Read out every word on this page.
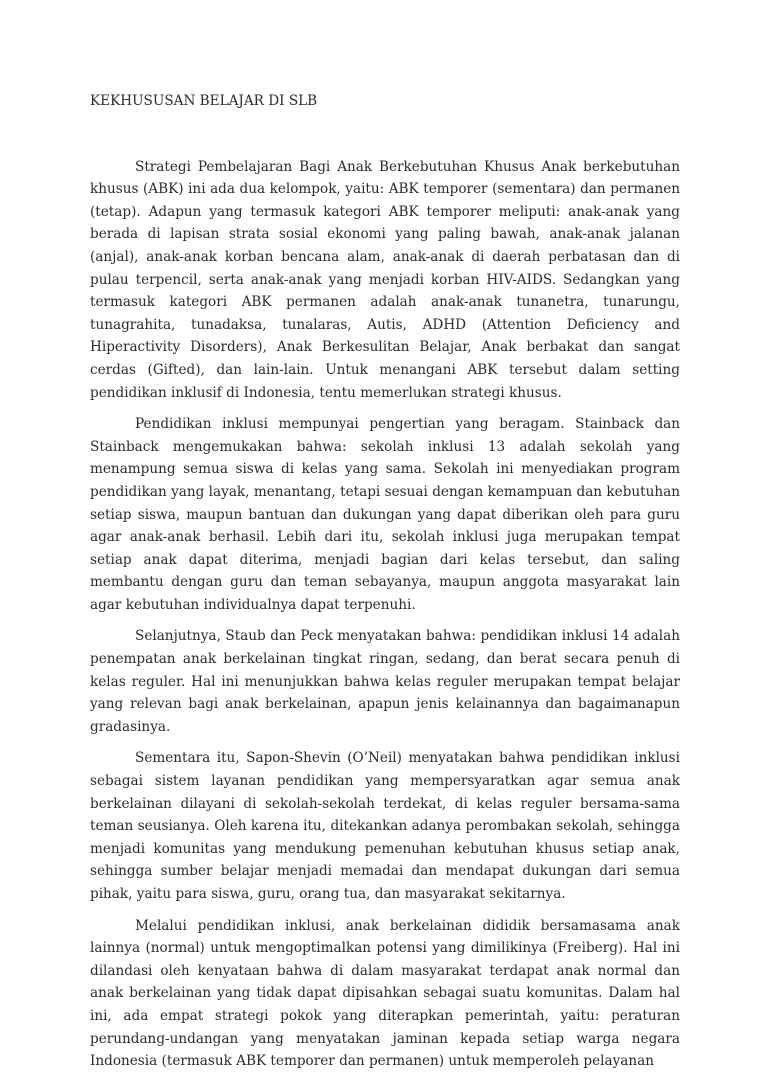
KEKHUSUSAN BELAJAR DI SLB

Strategi Pembelajaran Bagi Anak Berkebutuhan Khusus Anak berkebutuhan khusus (ABK) ini ada dua kelompok, yaitu: ABK temporer (sementara) dan permanen (tetap). Adapun yang termasuk kategori ABK temporer meliputi: anak-anak yang berada di lapisan strata sosial ekonomi yang paling bawah, anak-anak jalanan (anjal), anak-anak korban bencana alam, anak-anak di daerah perbatasan dan di pulau terpencil, serta anak-anak yang menjadi korban HIV-AIDS. Sedangkan yang termasuk kategori ABK permanen adalah anak-anak tunanetra, tunarungu, tunagrahita, tunadaksa, tunalaras, Autis, ADHD (Attention Deficiency and Hiperactivity Disorders), Anak Berkesulitan Belajar, Anak berbakat dan sangat cerdas (Gifted), dan lain-lain. Untuk menangani ABK tersebut dalam setting pendidikan inklusif di Indonesia, tentu memerlukan strategi khusus.

Pendidikan inklusi mempunyai pengertian yang beragam. Stainback dan Stainback mengemukakan bahwa: sekolah inklusi 13 adalah sekolah yang menampung semua siswa di kelas yang sama. Sekolah ini menyediakan program pendidikan yang layak, menantang, tetapi sesuai dengan kemampuan dan kebutuhan setiap siswa, maupun bantuan dan dukungan yang dapat diberikan oleh para guru agar anak-anak berhasil. Lebih dari itu, sekolah inklusi juga merupakan tempat setiap anak dapat diterima, menjadi bagian dari kelas tersebut, dan saling membantu dengan guru dan teman sebayanya, maupun anggota masyarakat lain agar kebutuhan individualnya dapat terpenuhi.

Selanjutnya, Staub dan Peck menyatakan bahwa: pendidikan inklusi 14 adalah penempatan anak berkelainan tingkat ringan, sedang, dan berat secara penuh di kelas reguler. Hal ini menunjukkan bahwa kelas reguler merupakan tempat belajar yang relevan bagi anak berkelainan, apapun jenis kelainannya dan bagaimanapun gradasinya.

Sementara itu, Sapon-Shevin (O’Neil) menyatakan bahwa pendidikan inklusi sebagai sistem layanan pendidikan yang mempersyaratkan agar semua anak berkelainan dilayani di sekolah-sekolah terdekat, di kelas reguler bersama-sama teman seusianya. Oleh karena itu, ditekankan adanya perombakan sekolah, sehingga menjadi komunitas yang mendukung pemenuhan kebutuhan khusus setiap anak, sehingga sumber belajar menjadi memadai dan mendapat dukungan dari semua pihak, yaitu para siswa, guru, orang tua, dan masyarakat sekitarnya.

Melalui pendidikan inklusi, anak berkelainan dididik bersamasama anak lainnya (normal) untuk mengoptimalkan potensi yang dimilikinya (Freiberg). Hal ini dilandasi oleh kenyataan bahwa di dalam masyarakat terdapat anak normal dan anak berkelainan yang tidak dapat dipisahkan sebagai suatu komunitas. Dalam hal ini, ada empat strategi pokok yang diterapkan pemerintah, yaitu: peraturan perundang-undangan yang menyatakan jaminan kepada setiap warga negara Indonesia (termasuk ABK temporer dan permanen) untuk memperoleh pelayanan
